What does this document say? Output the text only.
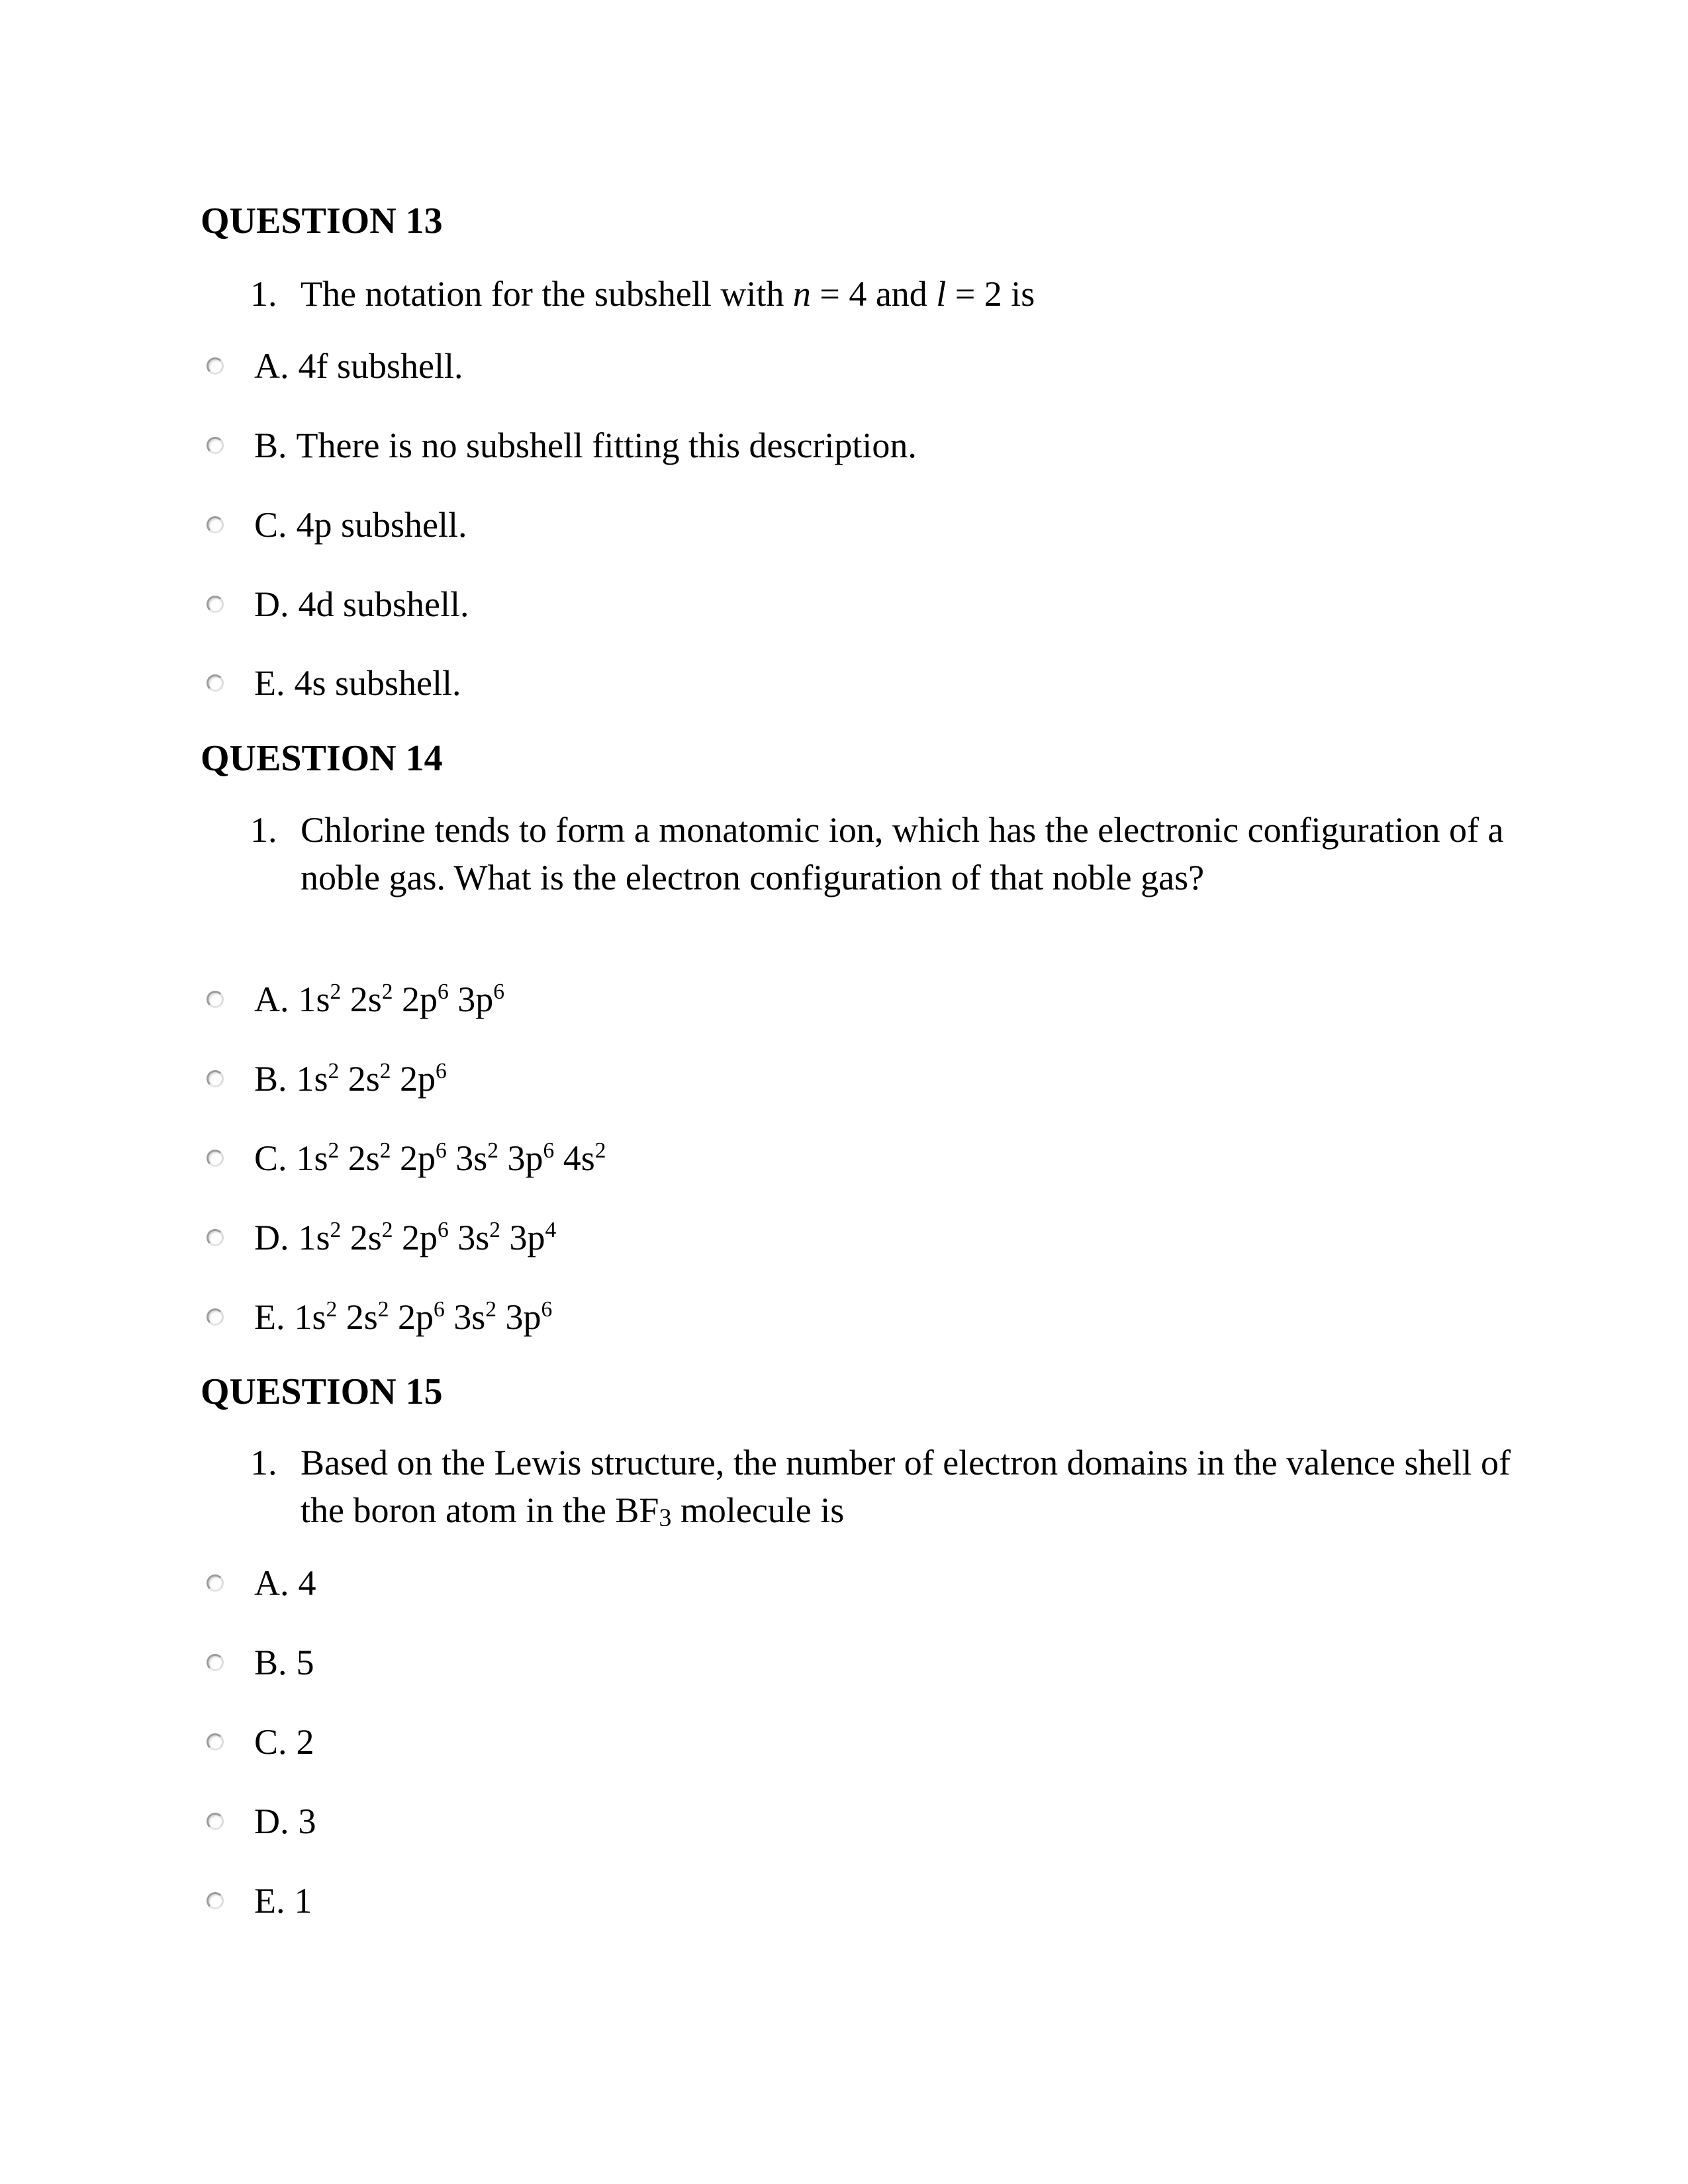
QUESTION 13
1. The notation for the subshell with n = 4 and l = 2 is
A. 4f subshell.
B. There is no subshell fitting this description.
C. 4p subshell.
D. 4d subshell.
E. 4s subshell.
QUESTION 14
1. Chlorine tends to form a monatomic ion, which has the electronic configuration of a noble gas. What is the electron configuration of that noble gas?
A. $1s^2$ $2s^2$ $2p^6$ $3p^6$
B. $1s^2$ $2s^2$ $2p^6$
C. $1s^2$ $2s^2$ $2p^6$ $3s^2$ $3p^6$ $4s^2$
D. $1s^2$ $2s^2$ $2p^6$ $3s^2$ $3p^4$
E. $1s^2$ $2s^2$ $2p^6$ $3s^2$ $3p^6$
QUESTION 15
1. Based on the Lewis structure, the number of electron domains in the valence shell of the boron atom in the $BF_3$ molecule is
A. 4
B. 5
C. 2
D. 3
E. 1
